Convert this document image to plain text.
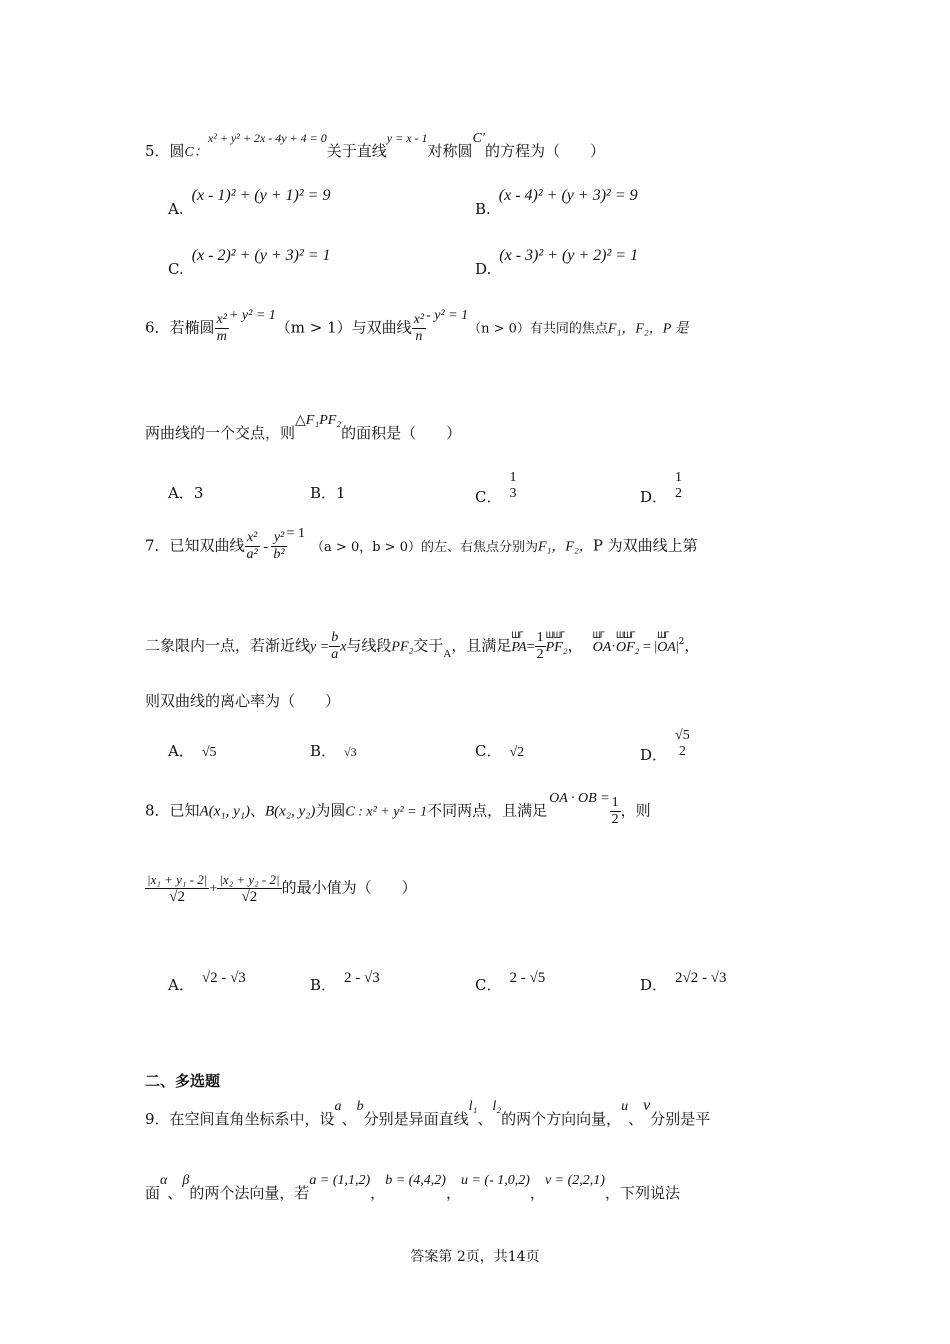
5．圆C：$^{x^2 + y^2 + 2x - 4y + 4 = 0}$关于直线$^{y = x - 1}$对称圆C′的方程为（　　）
A.(x - 1)² + (y + 1)² = 9
B.(x - 4)² + (y + 3)² = 9
C.(x - 2)² + (y + 3)² = 1
D.(x - 3)² + (y + 2)² = 1
6．若椭圆 $\frac{\text{x²}}{m} + y^2 = 1(m > 1)$与双曲线 $\frac{\text{x²}}{n} - y^2 = 1(n > 0)$有共同的焦点F₁，F₂，P 是
两曲线的一个交点，则△F₁PF₂的面积是（　　）
A．3	B．1	C．
1
3	D．
1
2
7．已知双曲线 $\frac{\text{x²}}{\text{a²}} - \frac{\text{y²}}{\text{b²}} = 1(a > 0$，b > 0）的左、右焦点分别为F₁，F₂，P 为双曲线上第
二象限内一点，若渐近线$y = \frac{b}{a}$ x与线段PF₂交于$_A$，且满足
ШГ
$PA= \frac{1}{2}$ ШШГ
PF₂，
ШГ
OA·
ШШГ
OF₂ = |
ШГ
$OA|^2$，
则双曲线的离心率为（　　）
A． √5	B． √3	C． √2	D．
√5
2
8．已知A(x₁, y₁)、B(x₂, y₂)为圆C : x² + y² = 1不同两点，且满足OA · OB = $\frac{1}{2}$ ，则
$\frac{\text{|x₁ + y₁ - 2|}}{√2} + \frac{\text{|x₂ + y₂ - 2|}}{√2}$ 的最小值为（　　）
A． √2 - √3	B． 2 - √3	C． 2 - √5	D． 2√2 - √3
二、多选题
9．在空间直角坐标系中，设a、b分别是异面直线l₁、l₂的两个方向向量，u、v分别是平
面α、β的两个法向量，若a = (1,1,2)，b = (4,4,2)，u = (- 1,0,2)，v = (2,2,1)，下列说法
答案第 2页，共14页
